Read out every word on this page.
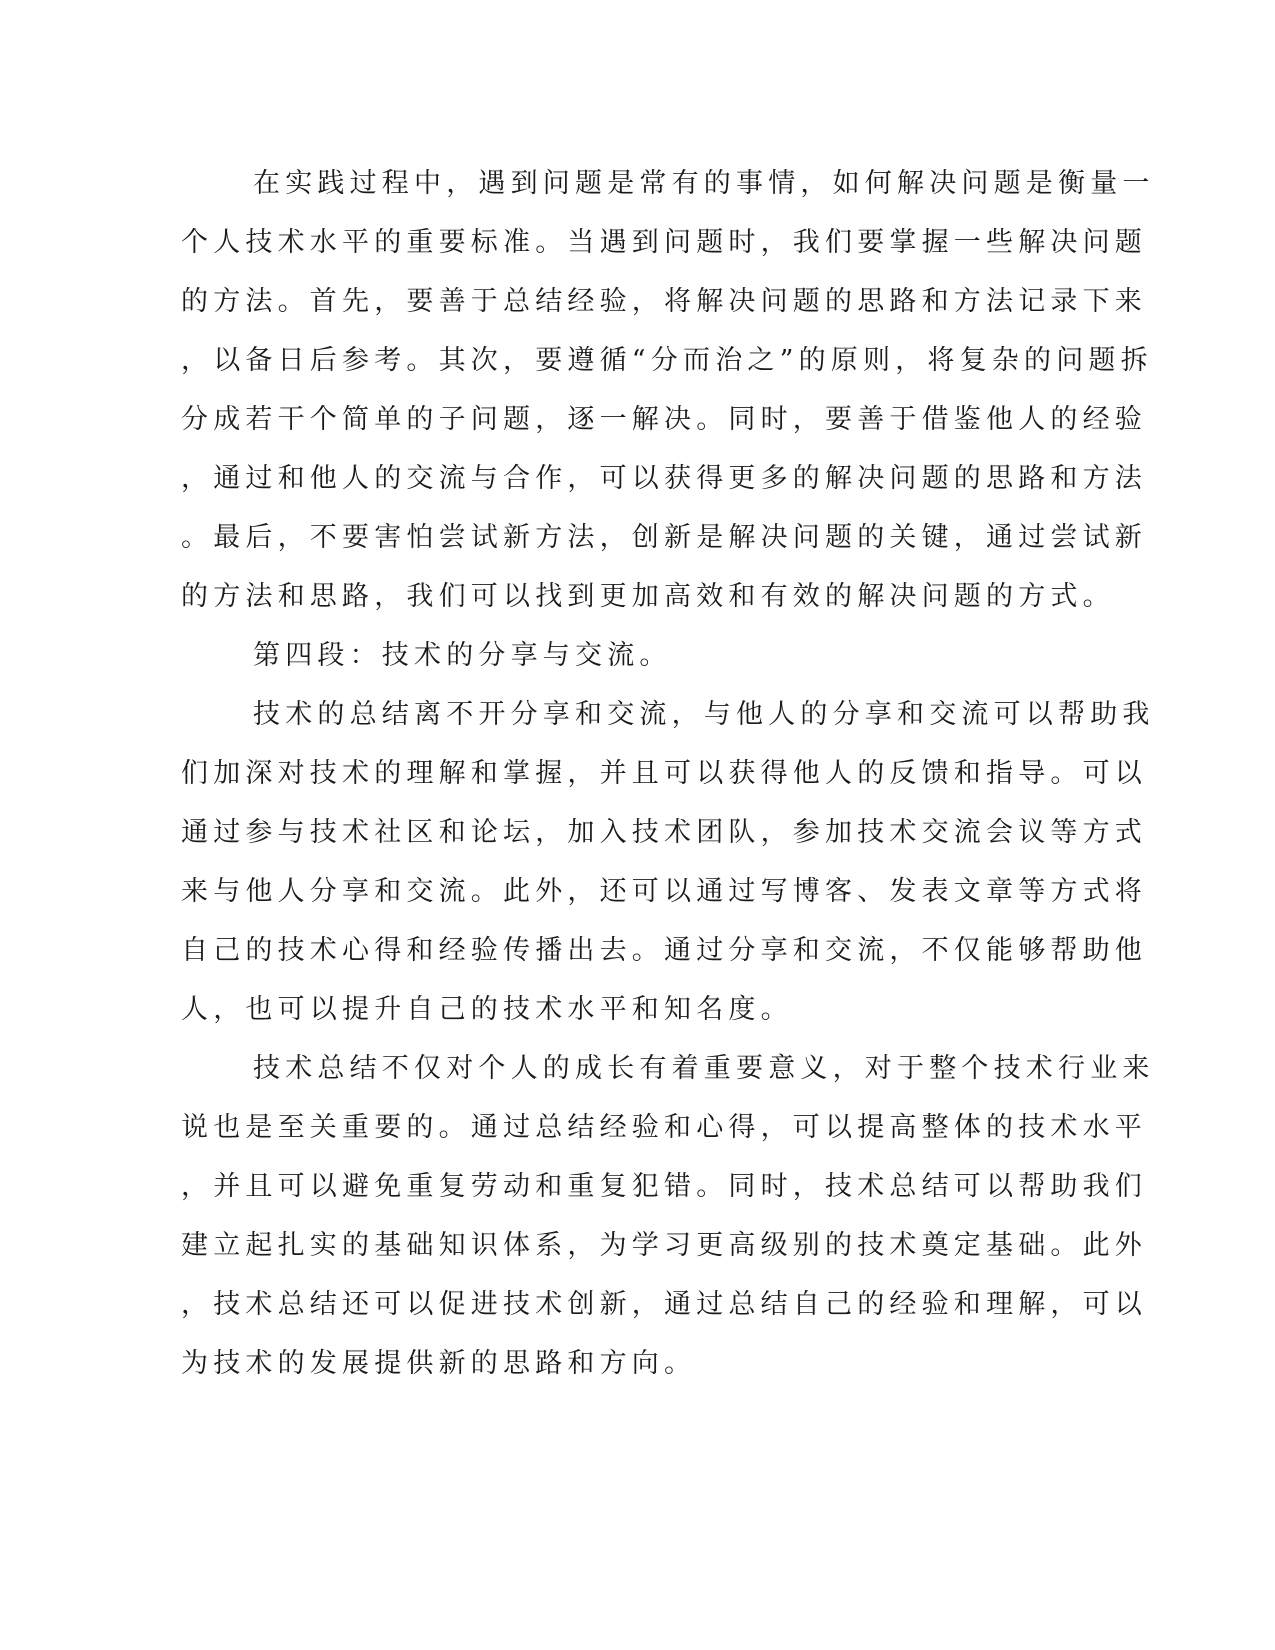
在实践过程中，遇到问题是常有的事情，如何解决问题是衡量一
个人技术水平的重要标准。当遇到问题时，我们要掌握一些解决问题
的方法。首先，要善于总结经验，将解决问题的思路和方法记录下来
，以备日后参考。其次，要遵循“分而治之”的原则，将复杂的问题拆
分成若干个简单的子问题，逐一解决。同时，要善于借鉴他人的经验
，通过和他人的交流与合作，可以获得更多的解决问题的思路和方法
。最后，不要害怕尝试新方法，创新是解决问题的关键，通过尝试新
的方法和思路，我们可以找到更加高效和有效的解决问题的方式。
第四段：技术的分享与交流。
技术的总结离不开分享和交流，与他人的分享和交流可以帮助我
们加深对技术的理解和掌握，并且可以获得他人的反馈和指导。可以
通过参与技术社区和论坛，加入技术团队，参加技术交流会议等方式
来与他人分享和交流。此外，还可以通过写博客、发表文章等方式将
自己的技术心得和经验传播出去。通过分享和交流，不仅能够帮助他
人，也可以提升自己的技术水平和知名度。
技术总结不仅对个人的成长有着重要意义，对于整个技术行业来
说也是至关重要的。通过总结经验和心得，可以提高整体的技术水平
，并且可以避免重复劳动和重复犯错。同时，技术总结可以帮助我们
建立起扎实的基础知识体系，为学习更高级别的技术奠定基础。此外
，技术总结还可以促进技术创新，通过总结自己的经验和理解，可以
为技术的发展提供新的思路和方向。
